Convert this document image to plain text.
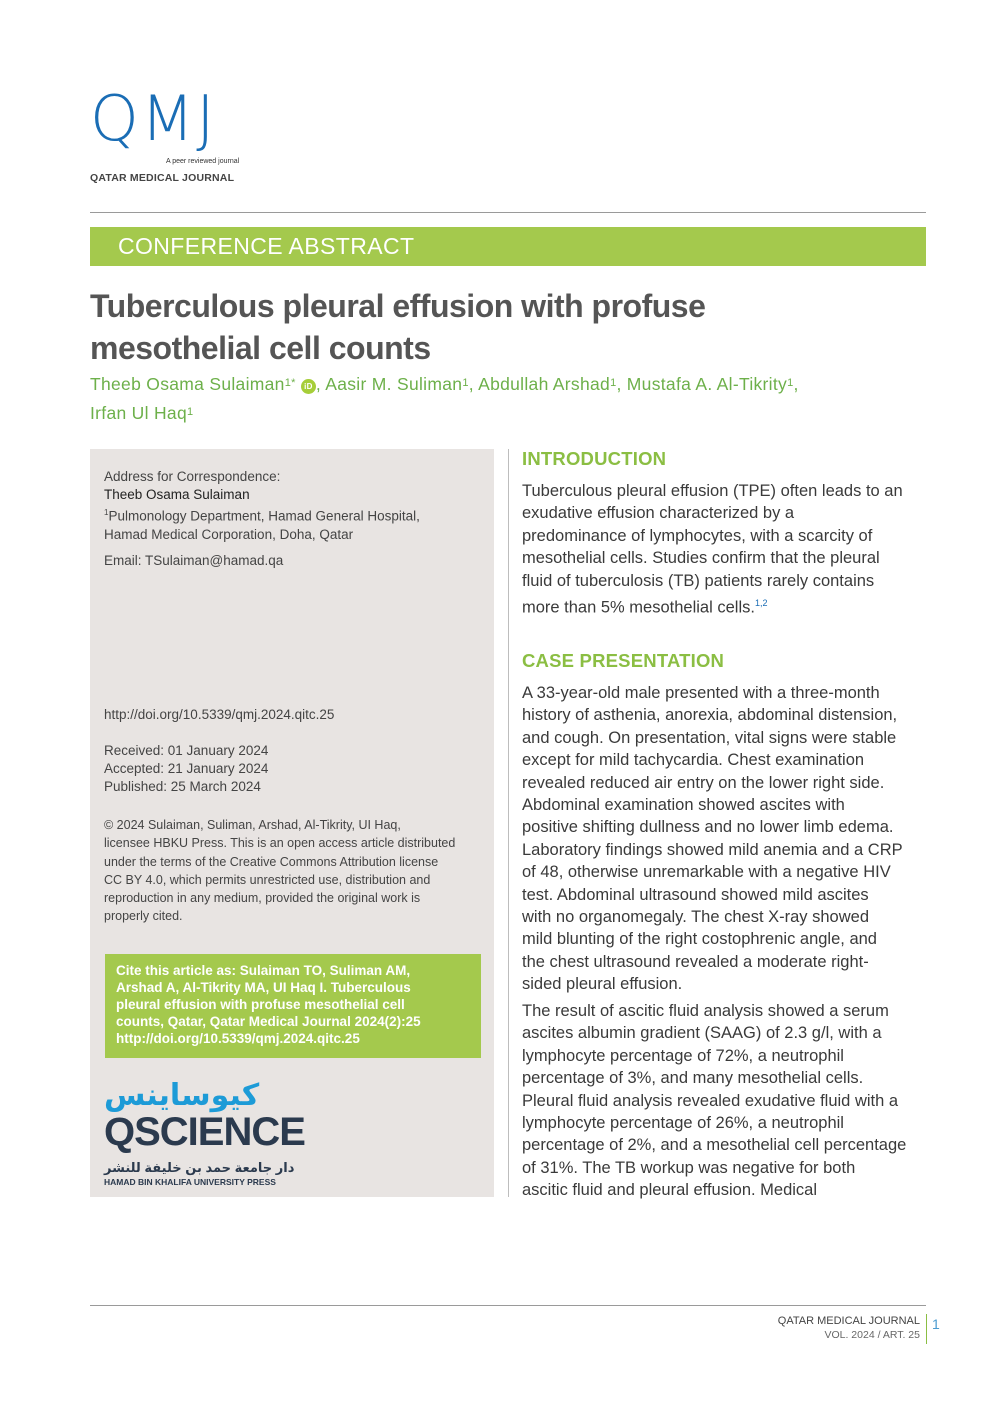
QMJ
A peer reviewed journal
QATAR MEDICAL JOURNAL
CONFERENCE ABSTRACT
Tuberculous pleural effusion with profuse
mesothelial cell counts
Theeb Osama Sulaiman$^{1*}$ iD , Aasir M. Suliman$^1$, Abdullah Arshad$^1$, Mustafa A. Al-Tikrity$^1$,
Irfan Ul Haq$^1$
Address for Correspondence:
Theeb Osama Sulaiman
$^1$Pulmonology Department, Hamad General Hospital,
Hamad Medical Corporation, Doha, Qatar
Email: TSulaiman@hamad.qa
http://doi.org/10.5339/qmj.2024.qitc.25
Received: 01 January 2024
Accepted: 21 January 2024
Published: 25 March 2024
© 2024 Sulaiman, Suliman, Arshad, Al-Tikrity, UI Haq,
licensee HBKU Press. This is an open access article distributed
under the terms of the Creative Commons Attribution license
CC BY 4.0, which permits unrestricted use, distribution and
reproduction in any medium, provided the original work is
properly cited.
Cite this article as: Sulaiman TO, Suliman AM,
Arshad A, Al-Tikrity MA, UI Haq I. Tuberculous
pleural effusion with profuse mesothelial cell
counts, Qatar, Qatar Medical Journal 2024(2):25
http://doi.org/10.5339/qmj.2024.qitc.25
كيوساينس
QSCIENCE
دار جامعة حمد بن خليفة للنشر
HAMAD BIN KHALIFA UNIVERSITY PRESS
INTRODUCTION
Tuberculous pleural effusion (TPE) often leads to an
exudative effusion characterized by a
predominance of lymphocytes, with a scarcity of
mesothelial cells. Studies confirm that the pleural
fluid of tuberculosis (TB) patients rarely contains
more than 5% mesothelial cells.$^{1,2}$
CASE PRESENTATION
A 33-year-old male presented with a three-month
history of asthenia, anorexia, abdominal distension,
and cough. On presentation, vital signs were stable
except for mild tachycardia. Chest examination
revealed reduced air entry on the lower right side.
Abdominal examination showed ascites with
positive shifting dullness and no lower limb edema.
Laboratory findings showed mild anemia and a CRP
of 48, otherwise unremarkable with a negative HIV
test. Abdominal ultrasound showed mild ascites
with no organomegaly. The chest X-ray showed
mild blunting of the right costophrenic angle, and
the chest ultrasound revealed a moderate right-
sided pleural effusion.
The result of ascitic fluid analysis showed a serum
ascites albumin gradient (SAAG) of 2.3 g/l, with a
lymphocyte percentage of 72%, a neutrophil
percentage of 3%, and many mesothelial cells.
Pleural fluid analysis revealed exudative fluid with a
lymphocyte percentage of 26%, a neutrophil
percentage of 2%, and a mesothelial cell percentage
of 31%. The TB workup was negative for both
ascitic fluid and pleural effusion. Medical
QATAR MEDICAL JOURNAL
VOL. 2024 / ART. 25
1
